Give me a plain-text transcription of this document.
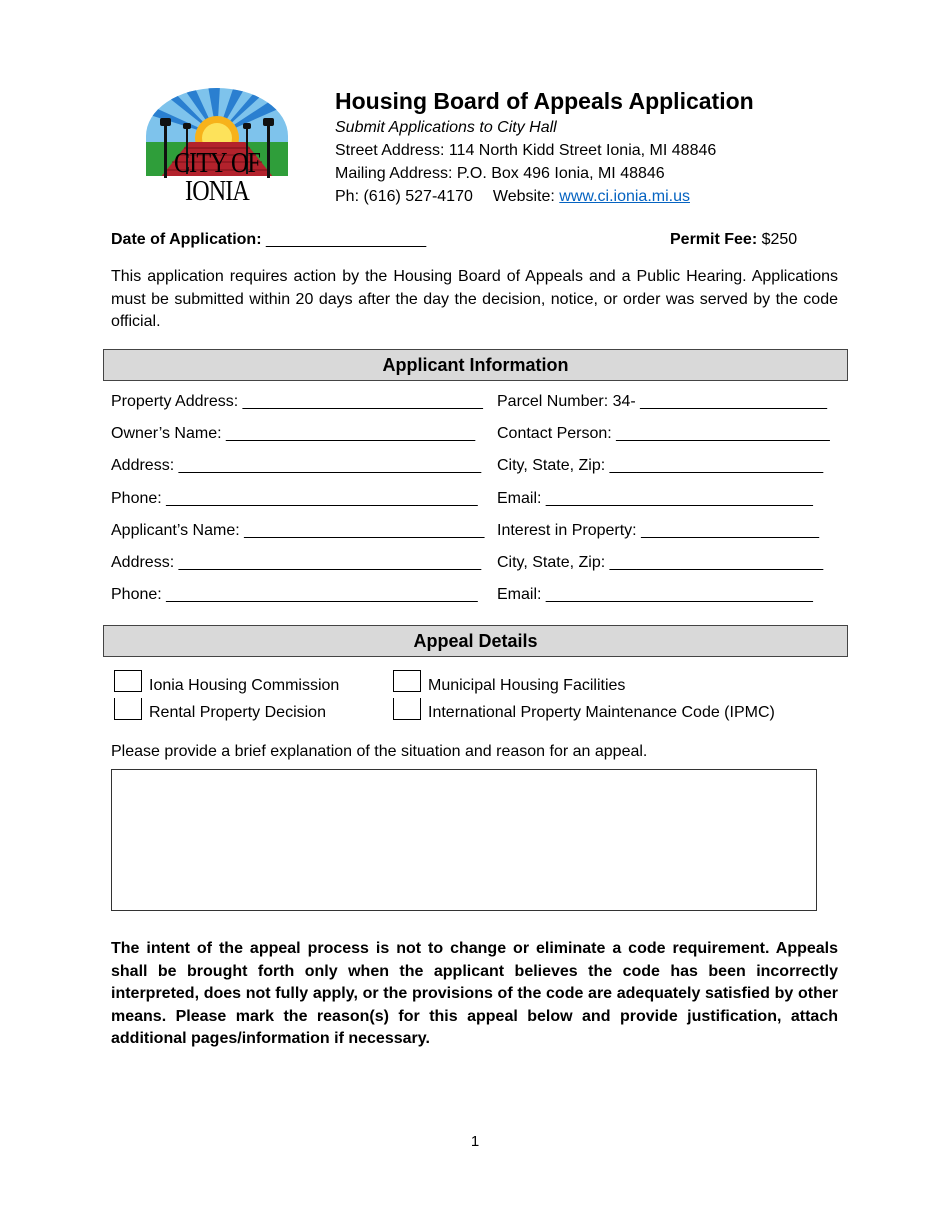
CITY OF IONIA
Housing Board of Appeals Application
Submit Applications to City Hall
Street Address: 114 North Kidd Street Ionia, MI 48846
Mailing Address: P.O. Box 496 Ionia, MI 48846
Ph: (616) 527-4170 Website: www.ci.ionia.mi.us
Date of Application: __________________	Permit Fee: $250
This application requires action by the Housing Board of Appeals and a Public Hearing. Applications must be submitted within 20 days after the day the decision, notice, or order was served by the code official.
Applicant Information
Property Address: ___________________________ Parcel Number: 34- _____________________
Owner’s Name: ____________________________ Contact Person: ________________________
Address: __________________________________ City, State, Zip: ________________________
Phone: ___________________________________ Email: ______________________________
Applicant’s Name: ___________________________ Interest in Property: ____________________
Address: __________________________________ City, State, Zip: ________________________
Phone: ___________________________________ Email: ______________________________
Appeal Details
Ionia Housing Commission
Rental Property Decision
Municipal Housing Facilities
International Property Maintenance Code (IPMC)
Please provide a brief explanation of the situation and reason for an appeal.
The intent of the appeal process is not to change or eliminate a code requirement. Appeals shall be brought forth only when the applicant believes the code has been incorrectly interpreted, does not fully apply, or the provisions of the code are adequately satisfied by other means. Please mark the reason(s) for this appeal below and provide justification, attach additional pages/information if necessary.
1
